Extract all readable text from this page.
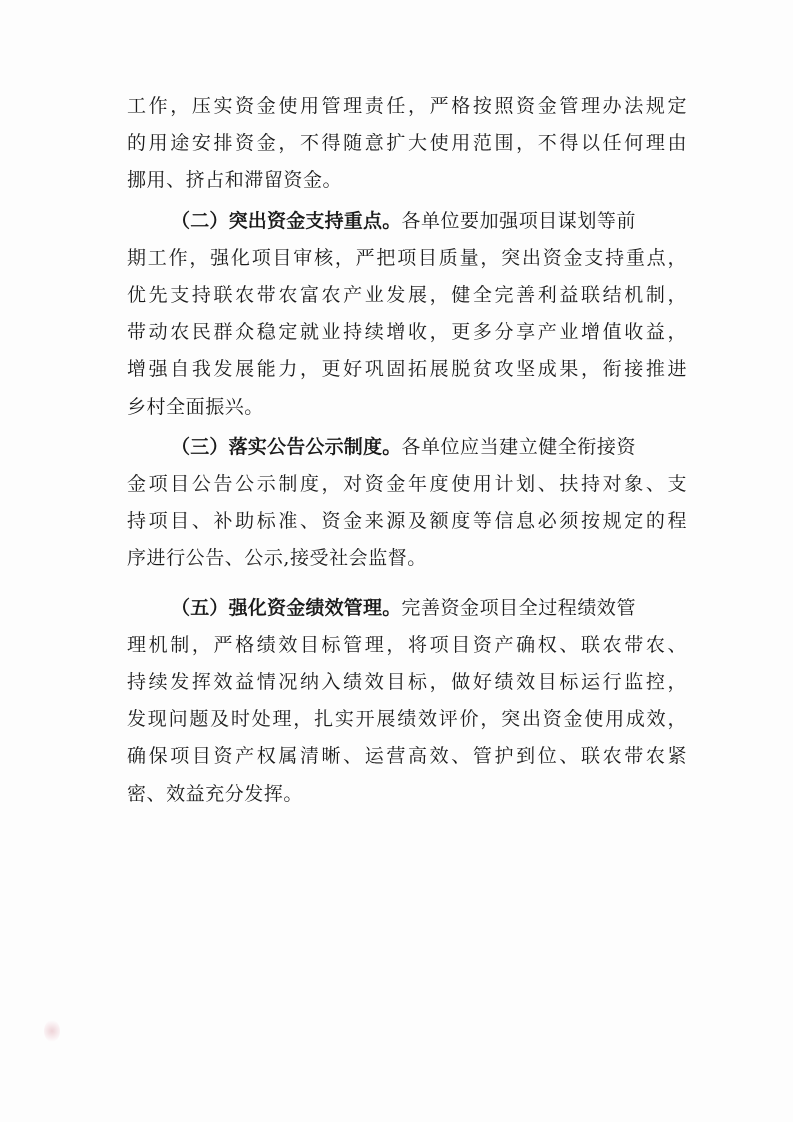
工作，压实资金使用管理责任，严格按照资金管理办法规定
的用途安排资金，不得随意扩大使用范围，不得以任何理由
挪用、挤占和滞留资金。
（二）突出资金支持重点。各单位要加强项目谋划等前
期工作，强化项目审核，严把项目质量，突出资金支持重点，
优先支持联农带农富农产业发展，健全完善利益联结机制，
带动农民群众稳定就业持续增收，更多分享产业增值收益，
增强自我发展能力，更好巩固拓展脱贫攻坚成果，衔接推进
乡村全面振兴。
（三）落实公告公示制度。各单位应当建立健全衔接资
金项目公告公示制度，对资金年度使用计划、扶持对象、支
持项目、补助标准、资金来源及额度等信息必须按规定的程
序进行公告、公示,接受社会监督。
（五）强化资金绩效管理。完善资金项目全过程绩效管
理机制，严格绩效目标管理，将项目资产确权、联农带农、
持续发挥效益情况纳入绩效目标，做好绩效目标运行监控，
发现问题及时处理，扎实开展绩效评价，突出资金使用成效，
确保项目资产权属清晰、运营高效、管护到位、联农带农紧
密、效益充分发挥。
